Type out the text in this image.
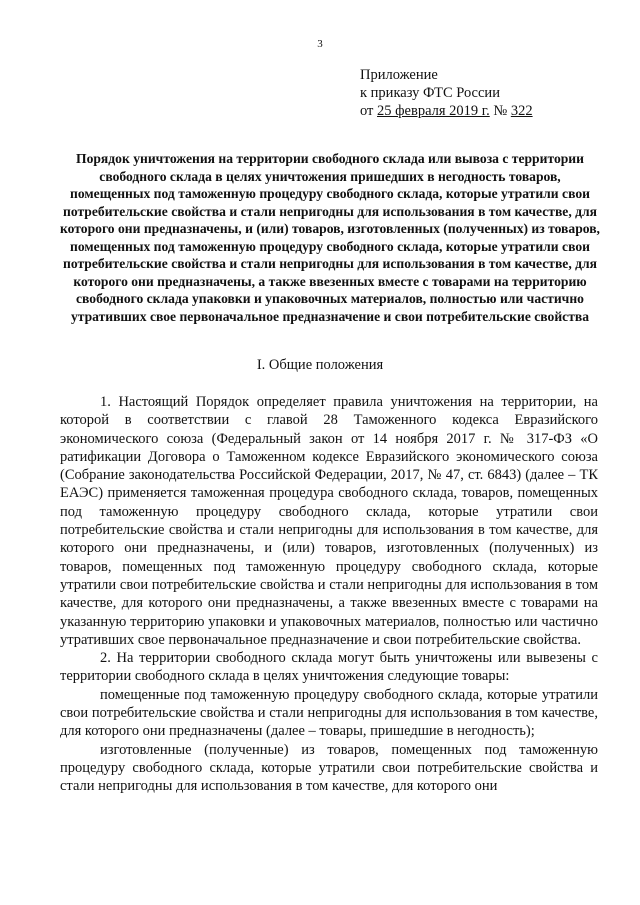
3
Приложение
к приказу ФТС России
от 25 февраля 2019 г. № 322
Порядок уничтожения на территории свободного склада или вывоза с территории свободного склада в целях уничтожения пришедших в негодность товаров, помещенных под таможенную процедуру свободного склада, которые утратили свои потребительские свойства и стали непригодны для использования в том качестве, для которого они предназначены, и (или) товаров, изготовленных (полученных) из товаров, помещенных под таможенную процедуру свободного склада, которые утратили свои потребительские свойства и стали непригодны для использования в том качестве, для которого они предназначены, а также ввезенных вместе с товарами на территорию свободного склада упаковки и упаковочных материалов, полностью или частично утративших свое первоначальное предназначение и свои потребительские свойства
I. Общие положения

1. Настоящий Порядок определяет правила уничтожения на территории, на которой в соответствии с главой 28 Таможенного кодекса Евразийского экономического союза (Федеральный закон от 14 ноября 2017 г. № 317-ФЗ «О ратификации Договора о Таможенном кодексе Евразийского экономического союза (Собрание законодательства Российской Федерации, 2017, № 47, ст. 6843) (далее – ТК ЕАЭС) применяется таможенная процедура свободного склада, товаров, помещенных под таможенную процедуру свободного склада, которые утратили свои потребительские свойства и стали непригодны для использования в том качестве, для которого они предназначены, и (или) товаров, изготовленных (полученных) из товаров, помещенных под таможенную процедуру свободного склада, которые утратили свои потребительские свойства и стали непригодны для использования в том качестве, для которого они предназначены, а также ввезенных вместе с товарами на указанную территорию упаковки и упаковочных материалов, полностью или частично утративших свое первоначальное предназначение и свои потребительские свойства.

2. На территории свободного склада могут быть уничтожены или вывезены с территории свободного склада в целях уничтожения следующие товары:

помещенные под таможенную процедуру свободного склада, которые утратили свои потребительские свойства и стали непригодны для использования в том качестве, для которого они предназначены (далее – товары, пришедшие в негодность);

изготовленные (полученные) из товаров, помещенных под таможенную процедуру свободного склада, которые утратили свои потребительские свойства и стали непригодны для использования в том качестве, для которого они
